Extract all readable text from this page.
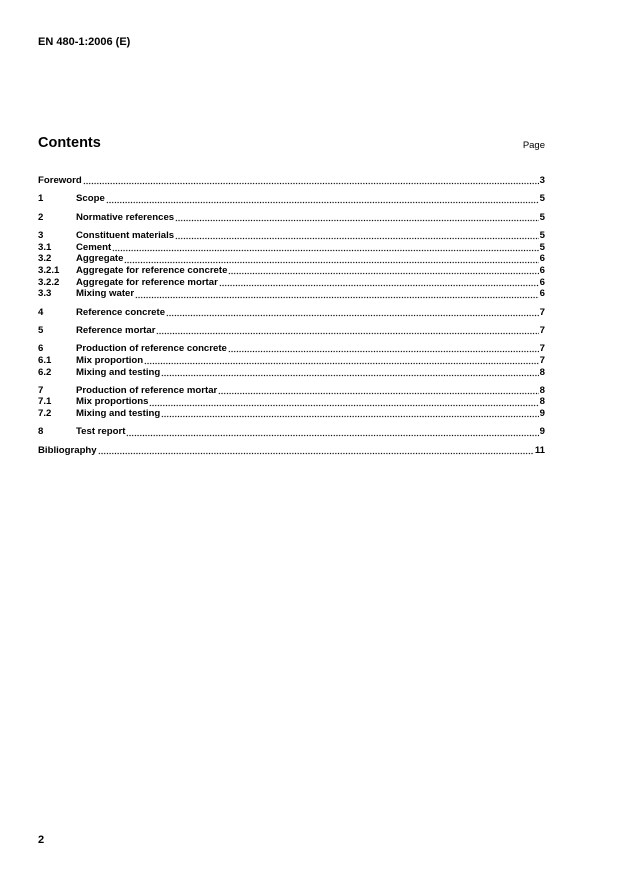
EN 480-1:2006 (E)
Contents	Page
Foreword	3
1	Scope	5
2	Normative references	5
3	Constituent materials	5
3.1	Cement	5
3.2	Aggregate	6
3.2.1	Aggregate for reference concrete	6
3.2.2	Aggregate for reference mortar	6
3.3	Mixing water	6
4	Reference concrete	7
5	Reference mortar	7
6	Production of reference concrete	7
6.1	Mix proportion	7
6.2	Mixing and testing	8
7	Production of reference mortar	8
7.1	Mix proportions	8
7.2	Mixing and testing	9
8	Test report	9
Bibliography	11
2
